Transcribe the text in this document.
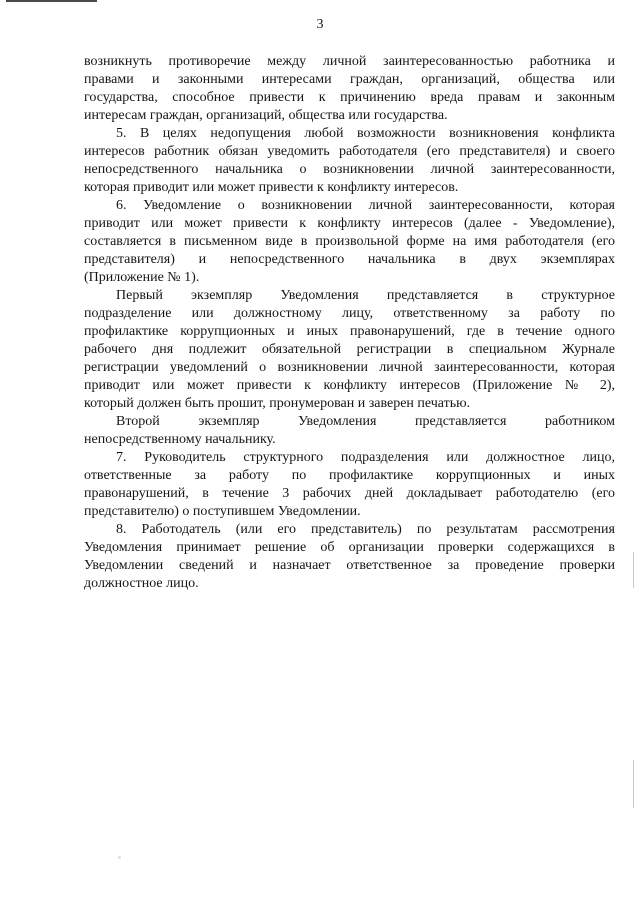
3
возникнуть противоречие между личной заинтересованностью работника и
правами и законными интересами граждан, организаций, общества или
государства, способное привести к причинению вреда правам и законным
интересам граждан, организаций, общества или государства.
5. В целях недопущения любой возможности возникновения конфликта
интересов работник обязан уведомить работодателя (его представителя) и своего
непосредственного начальника о возникновении личной заинтересованности,
которая приводит или может привести к конфликту интересов.
6. Уведомление о возникновении личной заинтересованности, которая
приводит или может привести к конфликту интересов (далее - Уведомление),
составляется в письменном виде в произвольной форме на имя работодателя (его
представителя) и непосредственного начальника в двух экземплярах
(Приложение № 1).
Первый экземпляр Уведомления представляется в структурное
подразделение или должностному лицу, ответственному за работу по
профилактике коррупционных и иных правонарушений, где в течение одного
рабочего дня подлежит обязательной регистрации в специальном Журнале
регистрации уведомлений о возникновении личной заинтересованности, которая
приводит или может привести к конфликту интересов (Приложение № 2),
который должен быть прошит, пронумерован и заверен печатью.
Второй экземпляр Уведомления представляется работником
непосредственному начальнику.
7. Руководитель структурного подразделения или должностное лицо,
ответственные за работу по профилактике коррупционных и иных
правонарушений, в течение 3 рабочих дней докладывает работодателю (его
представителю) о поступившем Уведомлении.
8. Работодатель (или его представитель) по результатам рассмотрения
Уведомления принимает решение об организации проверки содержащихся в
Уведомлении сведений и назначает ответственное за проведение проверки
должностное лицо.
